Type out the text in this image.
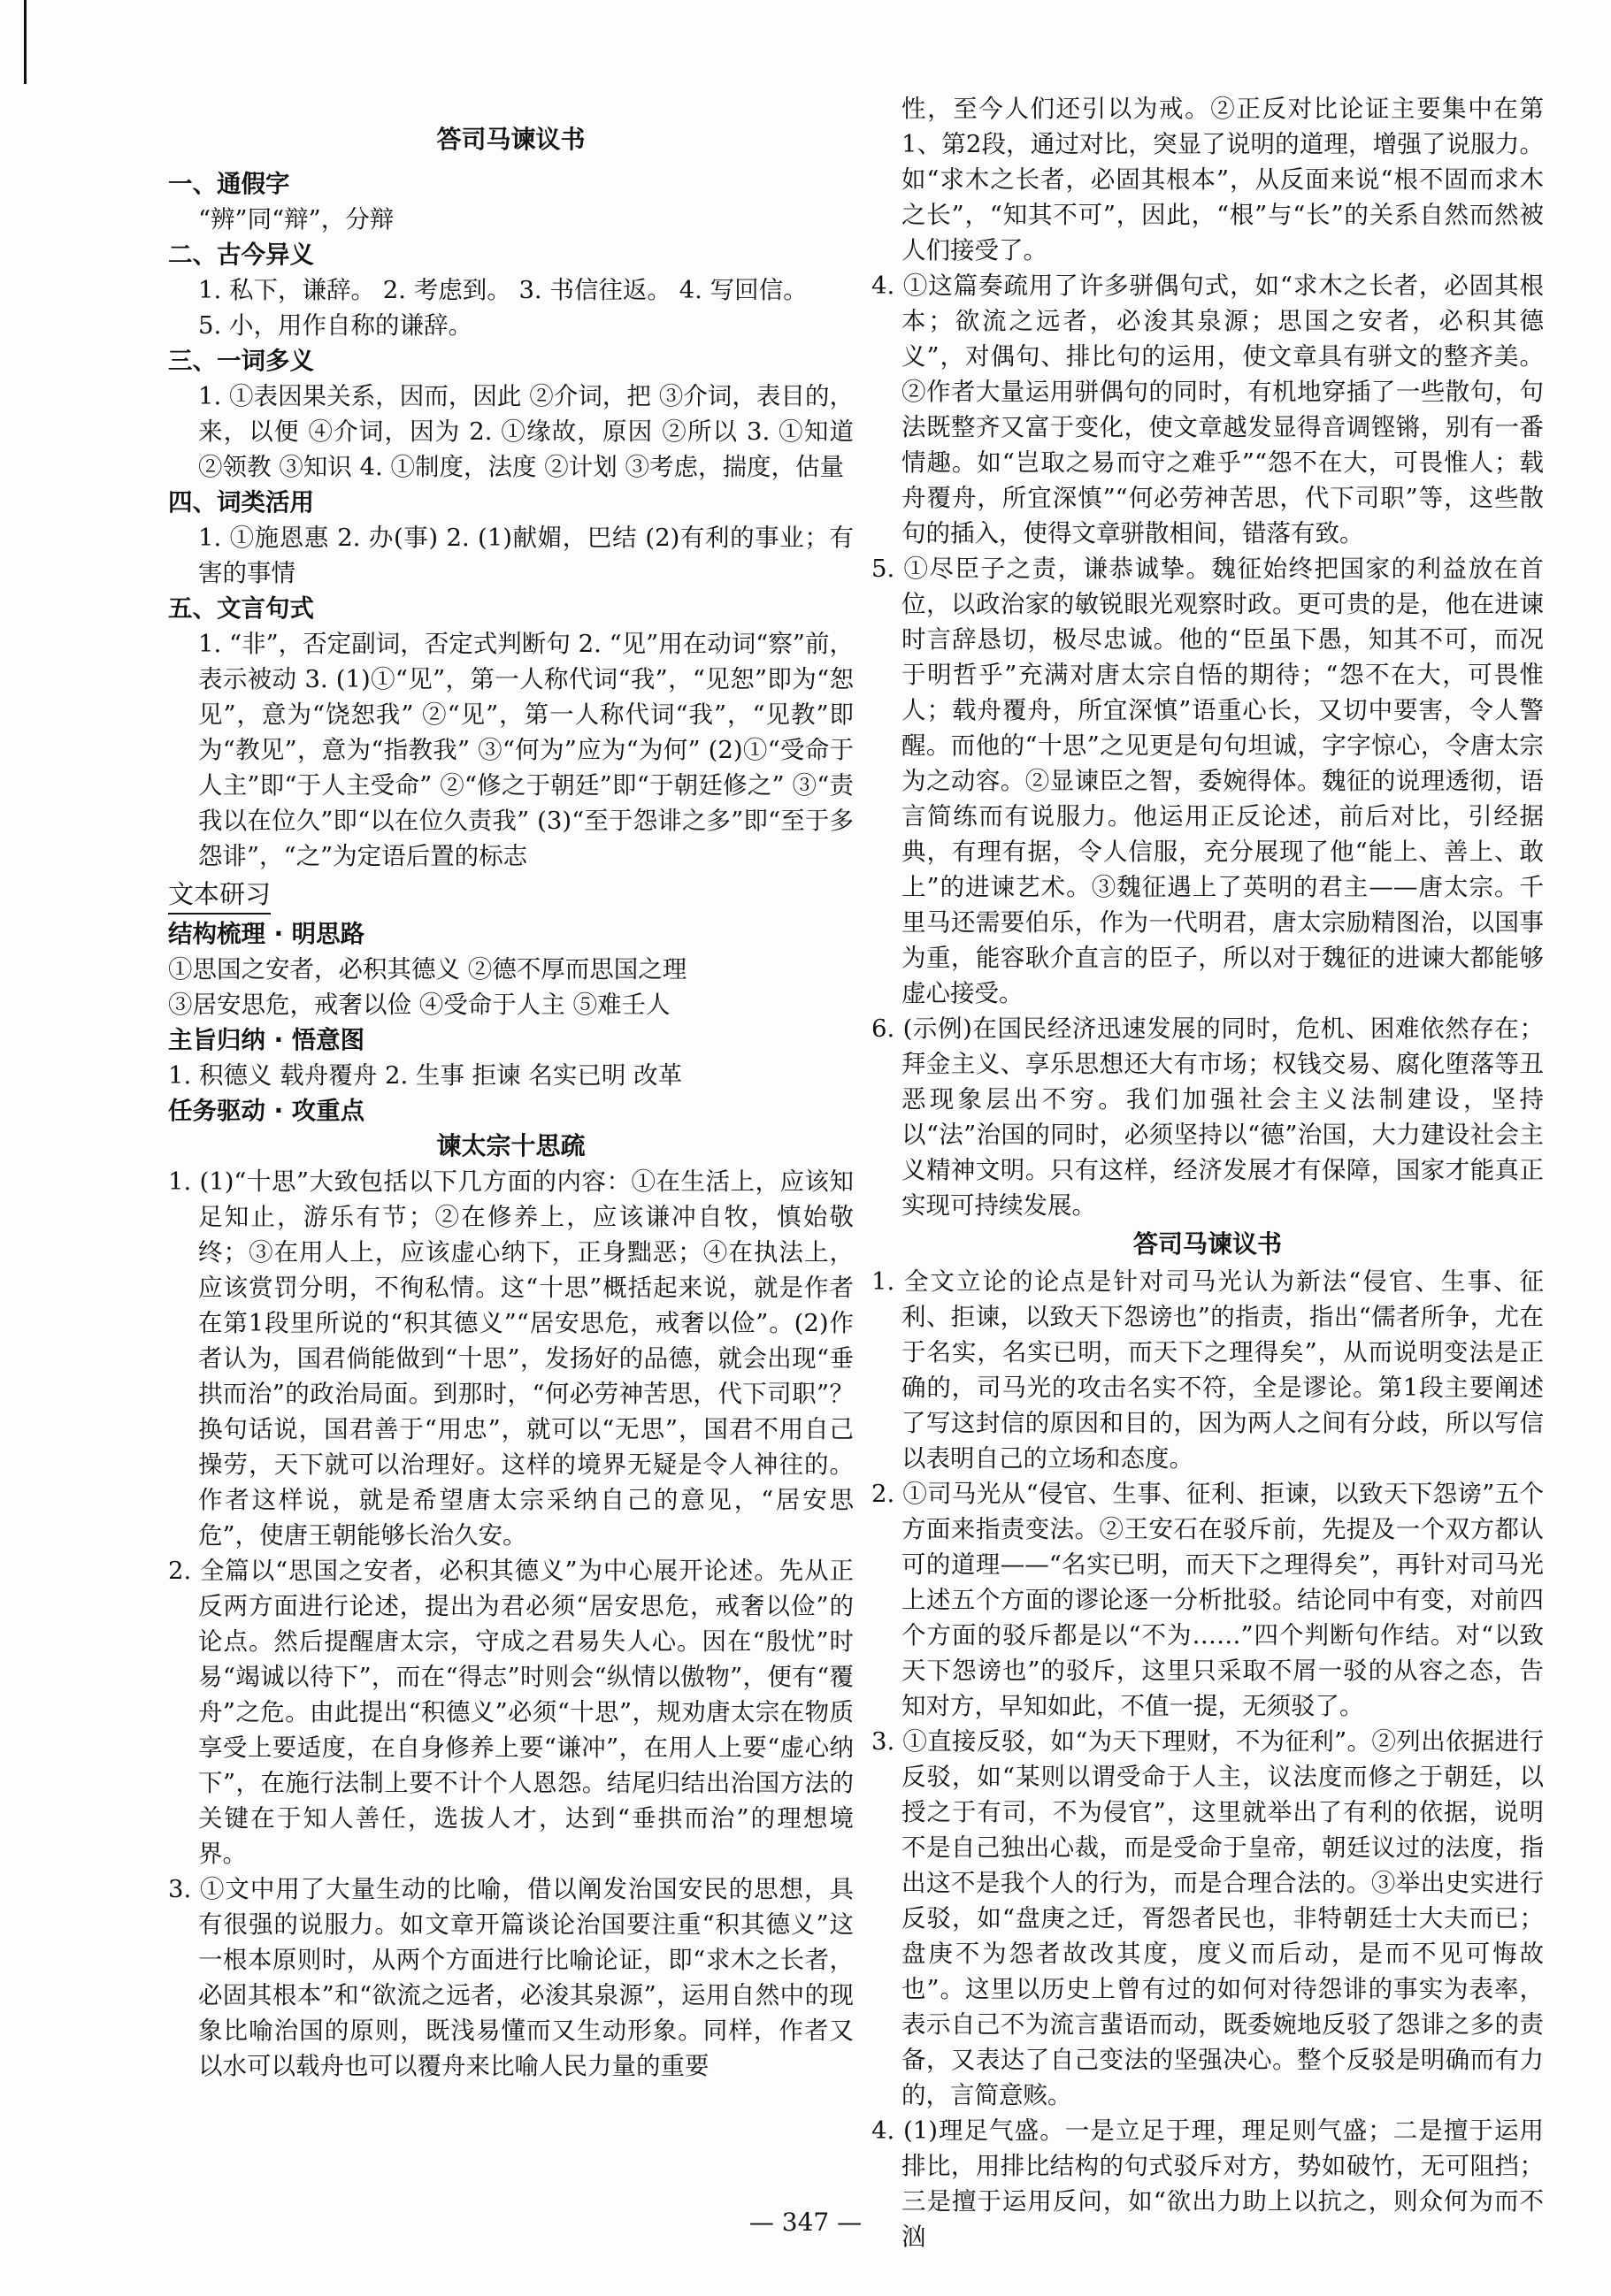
答司马谏议书

一、通假字

“辨”同“辩”，分辩

二、古今异义

1. 私下，谦辞。 2. 考虑到。 3. 书信往返。 4. 写回信。

5. 小，用作自称的谦辞。

三、一词多义

1. ①表因果关系，因而，因此 ②介词，把 ③介词，表目的，来，以便 ④介词，因为 2. ①缘故，原因 ②所以 3. ①知道 ②领教 ③知识 4. ①制度，法度 ②计划 ③考虑，揣度，估量

四、词类活用

1. ①施恩惠 2. 办(事) 2. (1)献媚，巴结 (2)有利的事业；有害的事情

五、文言句式

1. “非”，否定副词，否定式判断句 2. “见”用在动词“察”前，表示被动 3. (1)①“见”，第一人称代词“我”，“见恕”即为“恕见”，意为“饶恕我” ②“见”，第一人称代词“我”，“见教”即为“教见”，意为“指教我” ③“何为”应为“为何” (2)①“受命于人主”即“于人主受命” ②“修之于朝廷”即“于朝廷修之” ③“责我以在位久”即“以在位久责我” (3)“至于怨诽之多”即“至于多怨诽”，“之”为定语后置的标志

文本研习

结构梳理 · 明思路

①思国之安者，必积其德义 ②德不厚而思国之理

③居安思危，戒奢以俭 ④受命于人主 ⑤难壬人

主旨归纳 · 悟意图

1. 积德义 载舟覆舟 2. 生事 拒谏 名实已明 改革

任务驱动 · 攻重点

谏太宗十思疏

1. (1)“十思”大致包括以下几方面的内容：①在生活上，应该知足知止，游乐有节；②在修养上，应该谦冲自牧，慎始敬终；③在用人上，应该虚心纳下，正身黜恶；④在执法上，应该赏罚分明，不徇私情。这“十思”概括起来说，就是作者在第1段里所说的“积其德义”“居安思危，戒奢以俭”。(2)作者认为，国君倘能做到“十思”，发扬好的品德，就会出现“垂拱而治”的政治局面。到那时，“何必劳神苦思，代下司职”？换句话说，国君善于“用忠”，就可以“无思”，国君不用自己操劳，天下就可以治理好。这样的境界无疑是令人神往的。作者这样说，就是希望唐太宗采纳自己的意见，“居安思危”，使唐王朝能够长治久安。

2. 全篇以“思国之安者，必积其德义”为中心展开论述。先从正反两方面进行论述，提出为君必须“居安思危，戒奢以俭”的论点。然后提醒唐太宗，守成之君易失人心。因在“殷忧”时易“竭诚以待下”，而在“得志”时则会“纵情以傲物”，便有“覆舟”之危。由此提出“积德义”必须“十思”，规劝唐太宗在物质享受上要适度，在自身修养上要“谦冲”，在用人上要“虚心纳下”，在施行法制上要不计个人恩怨。结尾归结出治国方法的关键在于知人善任，选拔人才，达到“垂拱而治”的理想境界。

3. ①文中用了大量生动的比喻，借以阐发治国安民的思想，具有很强的说服力。如文章开篇谈论治国要注重“积其德义”这一根本原则时，从两个方面进行比喻论证，即“求木之长者，必固其根本”和“欲流之远者，必浚其泉源”，运用自然中的现象比喻治国的原则，既浅易懂而又生动形象。同样，作者又以水可以载舟也可以覆舟来比喻人民力量的重要

性，至今人们还引以为戒。②正反对比论证主要集中在第1、第2段，通过对比，突显了说明的道理，增强了说服力。如“求木之长者，必固其根本”，从反面来说“根不固而求木之长”，“知其不可”，因此，“根”与“长”的关系自然而然被人们接受了。

4. ①这篇奏疏用了许多骈偶句式，如“求木之长者，必固其根本；欲流之远者，必浚其泉源；思国之安者，必积其德义”，对偶句、排比句的运用，使文章具有骈文的整齐美。②作者大量运用骈偶句的同时，有机地穿插了一些散句，句法既整齐又富于变化，使文章越发显得音调铿锵，别有一番情趣。如“岂取之易而守之难乎”“怨不在大，可畏惟人；载舟覆舟，所宜深慎”“何必劳神苦思，代下司职”等，这些散句的插入，使得文章骈散相间，错落有致。

5. ①尽臣子之责，谦恭诚挚。魏征始终把国家的利益放在首位，以政治家的敏锐眼光观察时政。更可贵的是，他在进谏时言辞恳切，极尽忠诚。他的“臣虽下愚，知其不可，而况于明哲乎”充满对唐太宗自悟的期待；“怨不在大，可畏惟人；载舟覆舟，所宜深慎”语重心长，又切中要害，令人警醒。而他的“十思”之见更是句句坦诚，字字惊心，令唐太宗为之动容。②显谏臣之智，委婉得体。魏征的说理透彻，语言简练而有说服力。他运用正反论述，前后对比，引经据典，有理有据，令人信服，充分展现了他“能上、善上、敢上”的进谏艺术。③魏征遇上了英明的君主——唐太宗。千里马还需要伯乐，作为一代明君，唐太宗励精图治，以国事为重，能容耿介直言的臣子，所以对于魏征的进谏大都能够虚心接受。

6. (示例)在国民经济迅速发展的同时，危机、困难依然存在；拜金主义、享乐思想还大有市场；权钱交易、腐化堕落等丑恶现象层出不穷。我们加强社会主义法制建设，坚持以“法”治国的同时，必须坚持以“德”治国，大力建设社会主义精神文明。只有这样，经济发展才有保障，国家才能真正实现可持续发展。

答司马谏议书

1. 全文立论的论点是针对司马光认为新法“侵官、生事、征利、拒谏，以致天下怨谤也”的指责，指出“儒者所争，尤在于名实，名实已明，而天下之理得矣”，从而说明变法是正确的，司马光的攻击名实不符，全是谬论。第1段主要阐述了写这封信的原因和目的，因为两人之间有分歧，所以写信以表明自己的立场和态度。

2. ①司马光从“侵官、生事、征利、拒谏，以致天下怨谤”五个方面来指责变法。②王安石在驳斥前，先提及一个双方都认可的道理——“名实已明，而天下之理得矣”，再针对司马光上述五个方面的谬论逐一分析批驳。结论同中有变，对前四个方面的驳斥都是以“不为……”四个判断句作结。对“以致天下怨谤也”的驳斥，这里只采取不屑一驳的从容之态，告知对方，早知如此，不值一提，无须驳了。

3. ①直接反驳，如“为天下理财，不为征利”。②列出依据进行反驳，如“某则以谓受命于人主，议法度而修之于朝廷，以授之于有司，不为侵官”，这里就举出了有利的依据，说明不是自己独出心裁，而是受命于皇帝，朝廷议过的法度，指出这不是我个人的行为，而是合理合法的。③举出史实进行反驳，如“盘庚之迁，胥怨者民也，非特朝廷士大夫而已；盘庚不为怨者故改其度，度义而后动，是而不见可悔故也”。这里以历史上曾有过的如何对待怨诽的事实为表率，表示自己不为流言蜚语而动，既委婉地反驳了怨诽之多的责备，又表达了自己变法的坚强决心。整个反驳是明确而有力的，言简意赅。

4. (1)理足气盛。一是立足于理，理足则气盛；二是擅于运用排比，用排比结构的句式驳斥对方，势如破竹，无可阻挡；三是擅于运用反问，如“欲出力助上以抗之，则众何为而不汹

— 347 —
